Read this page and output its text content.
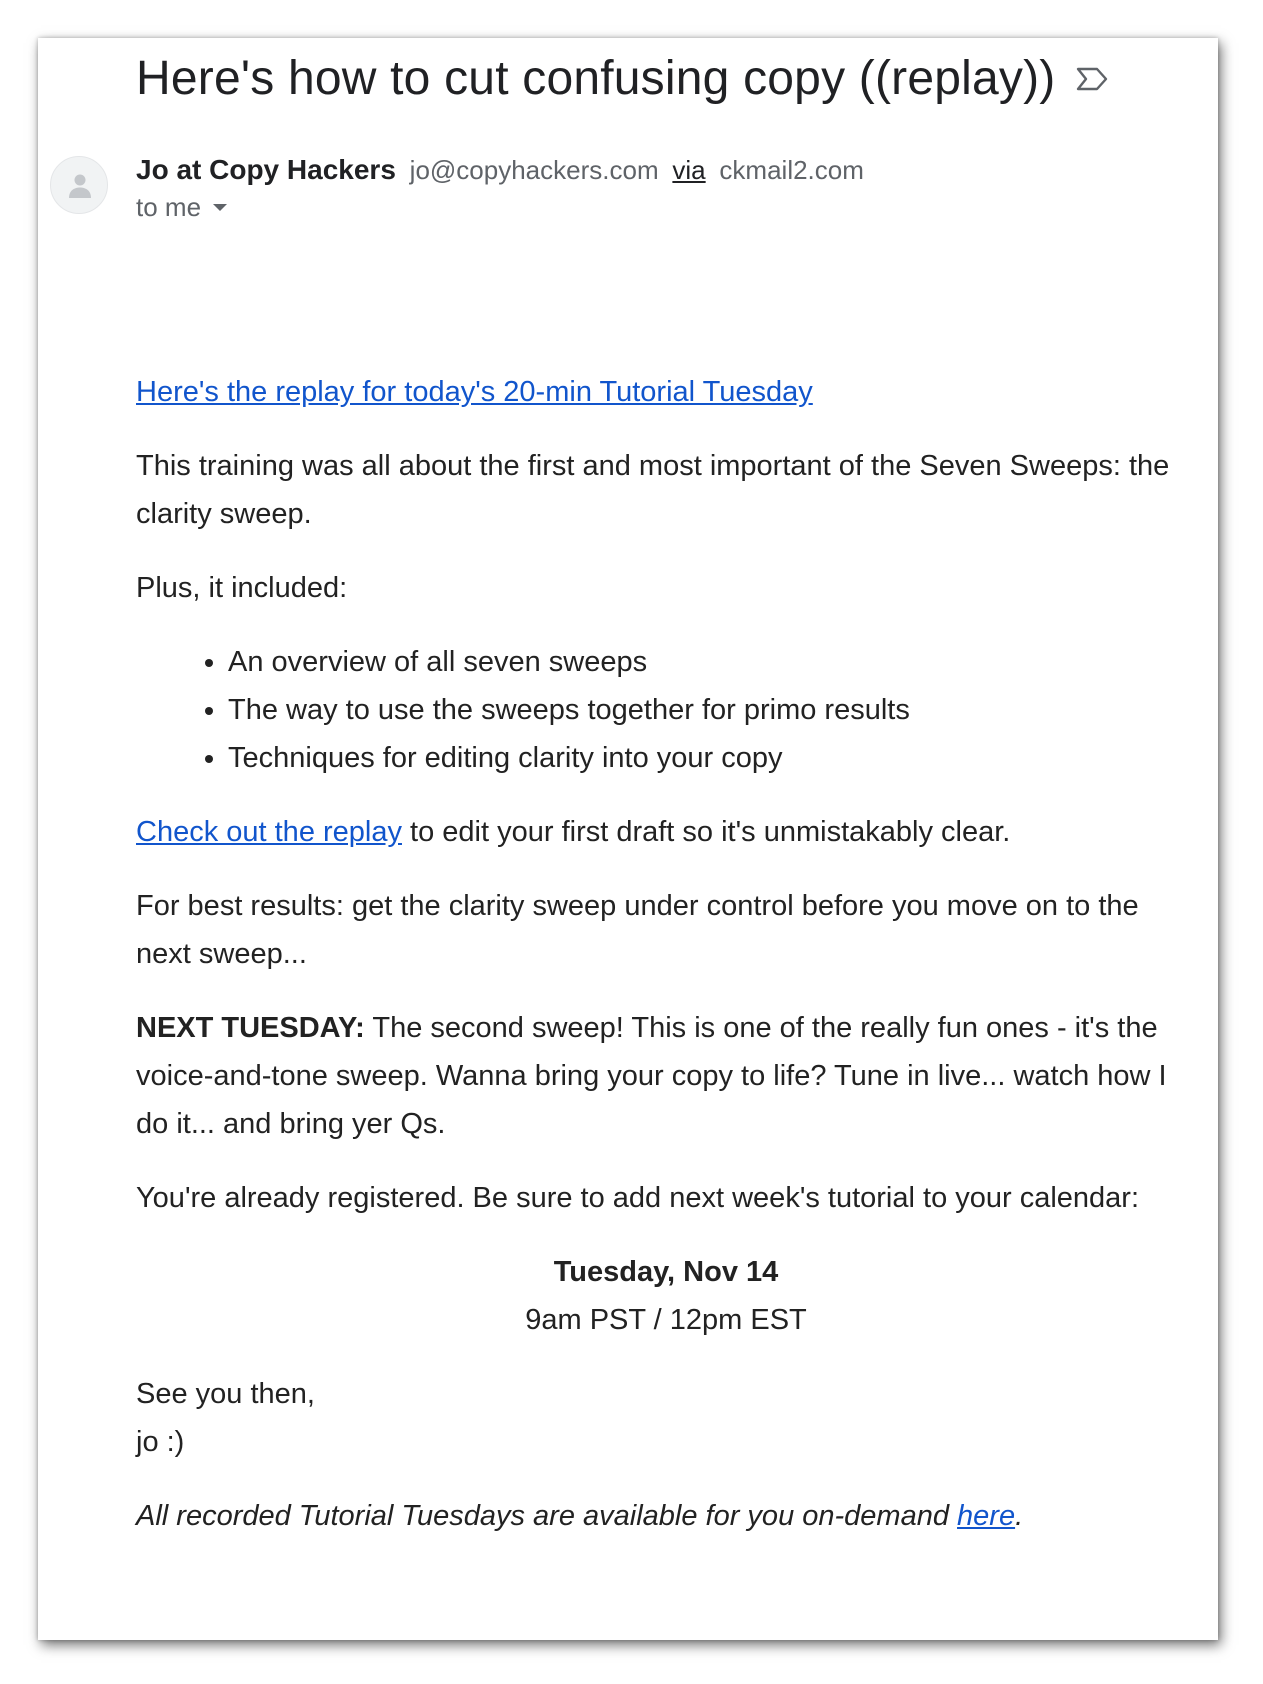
Here's how to cut confusing copy ((replay))
Jo at Copy Hackers jo@copyhackers.com via ckmail2.com
to me

Here's the replay for today's 20-min Tutorial Tuesday

This training was all about the first and most important of the Seven Sweeps: the clarity sweep.

Plus, it included:

• An overview of all seven sweeps
• The way to use the sweeps together for primo results
• Techniques for editing clarity into your copy

Check out the replay to edit your first draft so it's unmistakably clear.

For best results: get the clarity sweep under control before you move on to the next sweep...

NEXT TUESDAY: The second sweep! This is one of the really fun ones - it's the voice-and-tone sweep. Wanna bring your copy to life? Tune in live... watch how I do it... and bring yer Qs.

You're already registered. Be sure to add next week's tutorial to your calendar:

Tuesday, Nov 14
9am PST / 12pm EST

See you then,
jo :)

All recorded Tutorial Tuesdays are available for you on-demand here.
